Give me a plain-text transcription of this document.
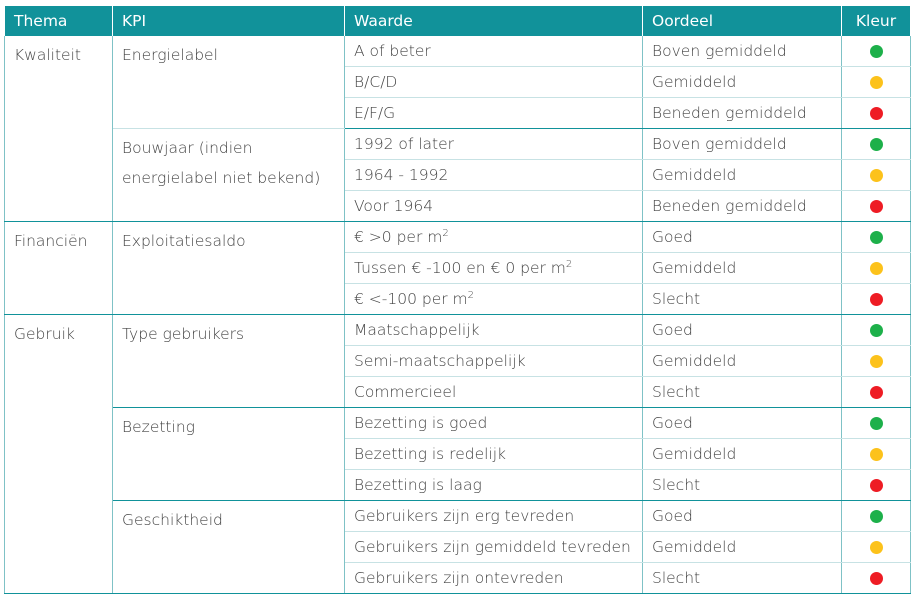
Thema	KPI	Waarde	Oordeel	Kleur
Kwaliteit	Energielabel	A of beter	Boven gemiddeld	
		B/C/D	Gemiddeld	
		E/F/G	Beneden gemiddeld	
	Bouwjaar (indien energielabel niet bekend)	1992 of later	Boven gemiddeld	
		1964 - 1992	Gemiddeld	
		Voor 1964	Beneden gemiddeld	
Financiën	Exploitatiesaldo	€ >0 per $m^2$	Goed	
		Tussen € -100 en € 0 per $m^2$	Gemiddeld	
		€ <-100 per $m^2$	Slecht	
Gebruik	Type gebruikers	Maatschappelijk	Goed	
		Semi-maatschappelijk	Gemiddeld	
		Commercieel	Slecht	
	Bezetting	Bezetting is goed	Goed	
		Bezetting is redelijk	Gemiddeld	
		Bezetting is laag	Slecht	
	Geschiktheid	Gebruikers zijn erg tevreden	Goed	
		Gebruikers zijn gemiddeld tevreden	Gemiddeld	
		Gebruikers zijn ontevreden	Slecht	
